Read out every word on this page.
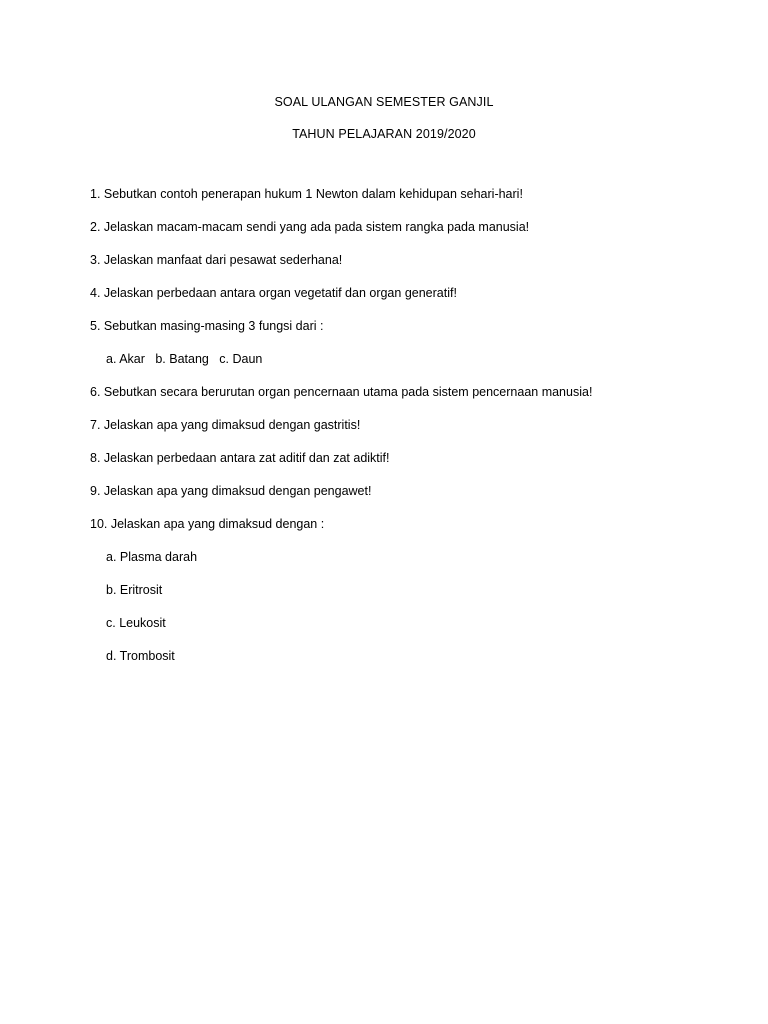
SOAL ULANGAN SEMESTER GANJIL
TAHUN PELAJARAN 2019/2020
1. Sebutkan contoh penerapan hukum 1 Newton dalam kehidupan sehari-hari!
2. Jelaskan macam-macam sendi yang ada pada sistem rangka pada manusia!
3. Jelaskan manfaat dari pesawat sederhana!
4. Jelaskan perbedaan antara organ vegetatif dan organ generatif!
5. Sebutkan masing-masing 3 fungsi dari :
a. Akar   b. Batang   c. Daun
6. Sebutkan secara berurutan organ pencernaan utama pada sistem pencernaan manusia!
7. Jelaskan apa yang dimaksud dengan gastritis!
8. Jelaskan perbedaan antara zat aditif dan zat adiktif!
9. Jelaskan apa yang dimaksud dengan pengawet!
10. Jelaskan apa yang dimaksud dengan :
a. Plasma darah
b. Eritrosit
c. Leukosit
d. Trombosit
